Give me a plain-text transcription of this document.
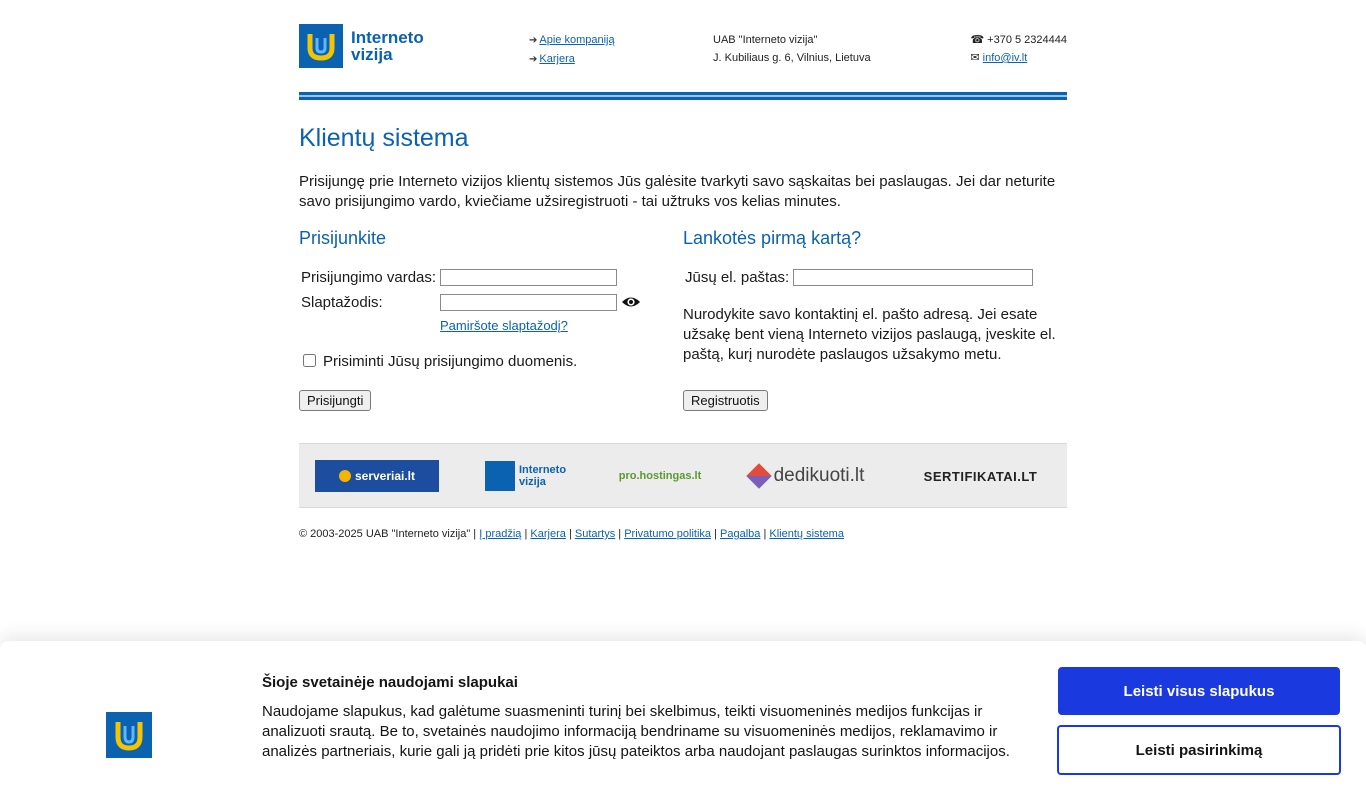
Interneto
vizija
➔ Apie kompaniją
➔ Karjera
UAB "Interneto vizija"
J. Kubiliaus g. 6, Vilnius, Lietuva
☎ +370 5 2324444
✉ info@iv.lt
Klientų sistema

Prisijungę prie Interneto vizijos klientų sistemos Jūs galėsite tvarkyti savo sąskaitas bei paslaugas. Jei dar neturite savo prisijungimo vardo, kviečiame užsiregistruoti - tai užtruks vos kelias minutes.

Prisijunkite
Prisijungimo vardas:
Slaptažodis:
Pamiršote slaptažodį?
Prisiminti Jūsų prisijungimo duomenis.
Prisijungti
Lankotės pirmą kartą?
Jūsų el. paštas:

Nurodykite savo kontaktinį el. pašto adresą. Jei esate užsakę bent vieną Interneto vizijos paslaugą, įveskite el. paštą, kurį nurodėte paslaugos užsakymo metu.

Registruotis
serveriai.lt	Interneto vizija	pro.hostingas.lt	dedikuoti.lt	SERTIFIKATAI.LT
© 2003-2025 UAB "Interneto vizija" | Į pradžią | Karjera | Sutartys | Privatumo politika | Pagalba | Klientų sistema
Šioje svetainėje naudojami slapukai

Naudojame slapukus, kad galėtume suasmeninti turinį bei skelbimus, teikti visuomeninės medijos funkcijas ir analizuoti srautą. Be to, svetainės naudojimo informaciją bendriname su visuomeninės medijos, reklamavimo ir analizės partneriais, kurie gali ją pridėti prie kitos jūsų pateiktos arba naudojant paslaugas surinktos informacijos.

Leisti visus slapukus
Leisti pasirinkimą
